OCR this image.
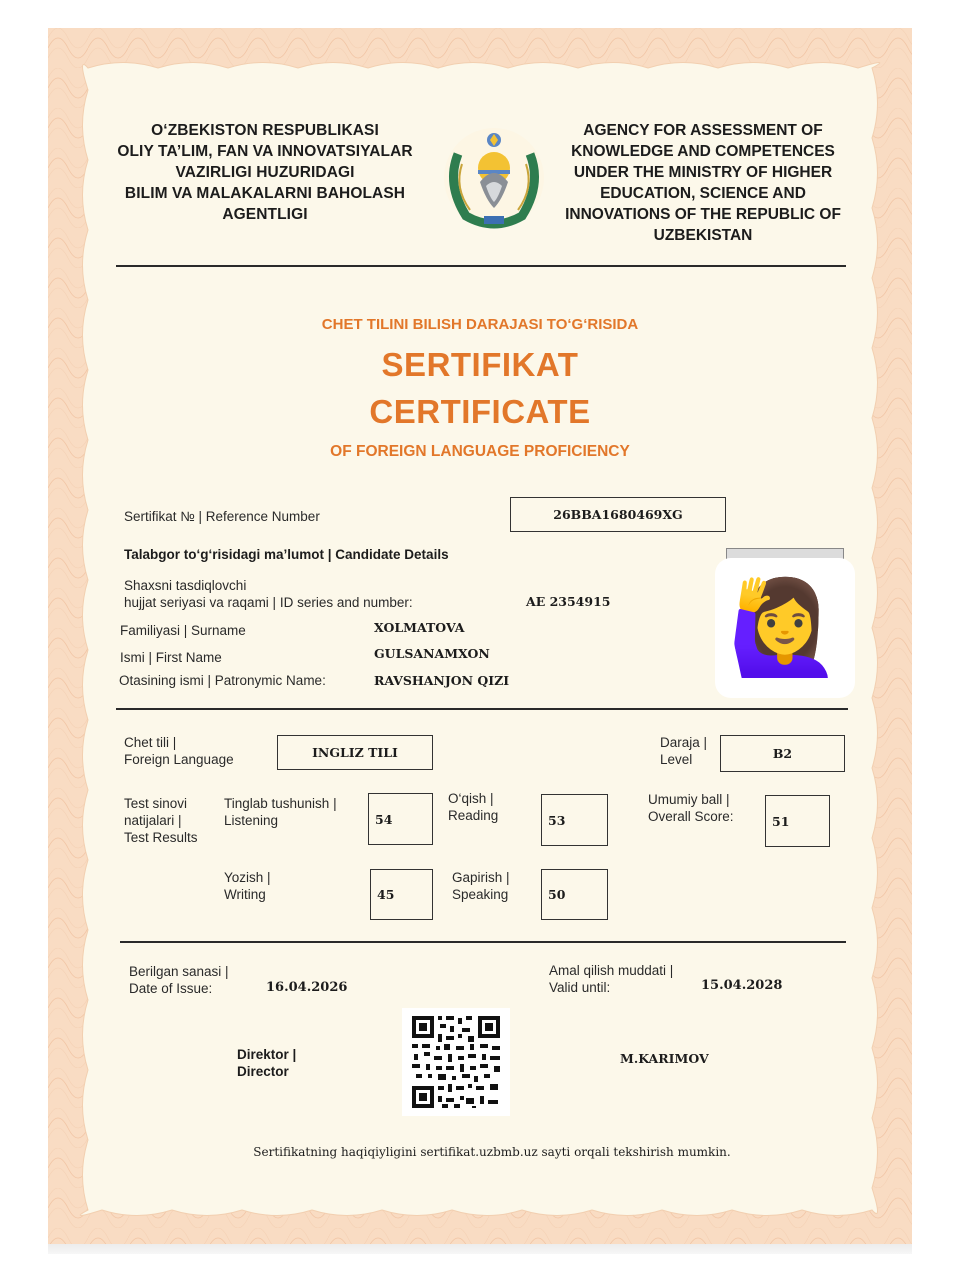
O‘ZBEKISTON RESPUBLIKASI
OLIY TA’LIM, FAN VA INNOVATSIYALAR
VAZIRLIGI HUZURIDAGI
BILIM VA MALAKALARNI BAHOLASH
AGENTLIGI
AGENCY FOR ASSESSMENT OF
KNOWLEDGE AND COMPETENCES
UNDER THE MINISTRY OF HIGHER
EDUCATION, SCIENCE AND
INNOVATIONS OF THE REPUBLIC OF
UZBEKISTAN
CHET TILINI BILISH DARAJASI TO‘G‘RISIDA
SERTIFIKAT
CERTIFICATE
OF FOREIGN LANGUAGE PROFICIENCY
Sertifikat № | Reference Number	26BBA1680469XG
Talabgor to‘g‘risidagi ma’lumot | Candidate Details
Shaxsni tasdiqlovchi
hujjat seriyasi va raqami | ID series and number:	AE 2354915
Familiyasi | Surname	XOLMATOVA
Ismi | First Name	GULSANAMXON
Otasining ismi | Patronymic Name:	RAVSHANJON QIZI
🙋‍♀️
Chet tili |
Foreign Language	INGLIZ TILI
Daraja |
Level	B2
Test sinovi
natijalari |
Test Results
Tinglab tushunish |
Listening	54
O‘qish |
Reading	53
Umumiy ball |
Overall Score:	51
Yozish |
Writing	45
Gapirish |
Speaking	50
Berilgan sanasi |
Date of Issue:	16.04.2026
Amal qilish muddati |
Valid until:	15.04.2028
Direktor |
Director
M.KARIMOV
Sertifikatning haqiqiyligini sertifikat.uzbmb.uz sayti orqali tekshirish mumkin.
